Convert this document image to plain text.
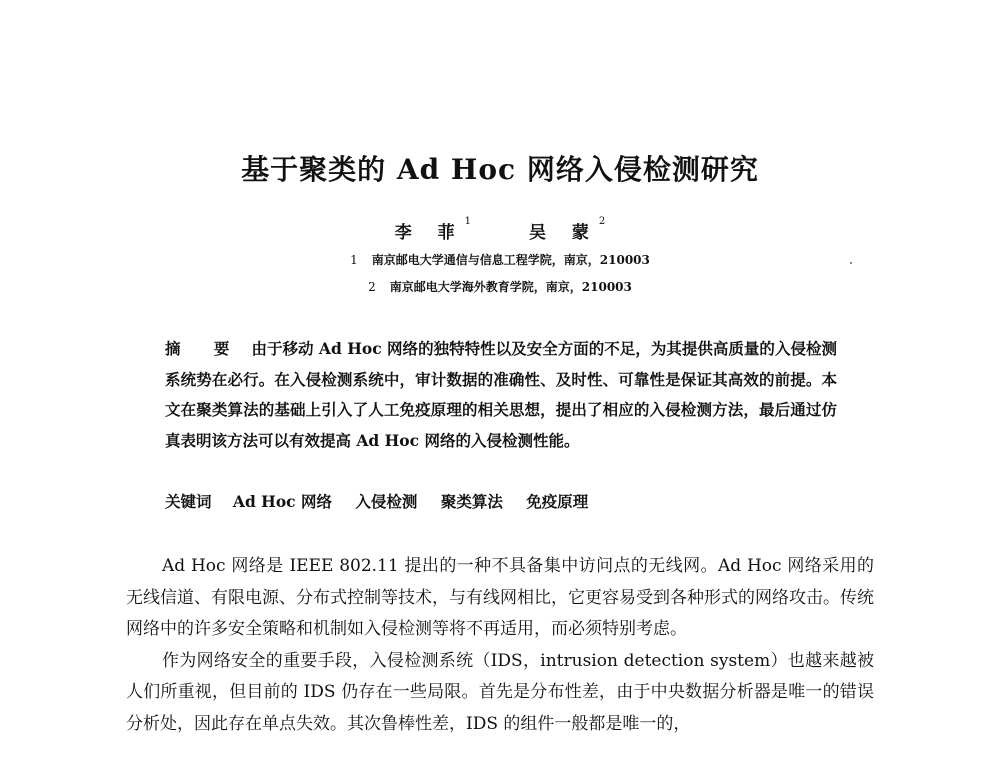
基于聚类的 Ad Hoc 网络入侵检测研究
李 菲$^1$ 吴 蒙$^2$
1 南京邮电大学通信与信息工程学院，南京，210003
2 南京邮电大学海外教育学院，南京，210003
摘 要 由于移动 Ad Hoc 网络的独特特性以及安全方面的不足，为其提供高质量的入侵检测系统势在必行。在入侵检测系统中，审计数据的准确性、及时性、可靠性是保证其高效的前提。本文在聚类算法的基础上引入了人工免疫原理的相关思想，提出了相应的入侵检测方法，最后通过仿真表明该方法可以有效提高 Ad Hoc 网络的入侵检测性能。
关键词 Ad Hoc 网络 入侵检测 聚类算法 免疫原理

Ad Hoc 网络是 IEEE 802.11 提出的一种不具备集中访问点的无线网。Ad Hoc 网络采用的无线信道、有限电源、分布式控制等技术，与有线网相比，它更容易受到各种形式的网络攻击。传统网络中的许多安全策略和机制如入侵检测等将不再适用，而必须特别考虑。

作为网络安全的重要手段，入侵检测系统（IDS，intrusion detection system）也越来越被人们所重视，但目前的 IDS 仍存在一些局限。首先是分布性差，由于中央数据分析器是唯一的错误分析处，因此存在单点失效。其次鲁棒性差，IDS 的组件一般都是唯一的，
